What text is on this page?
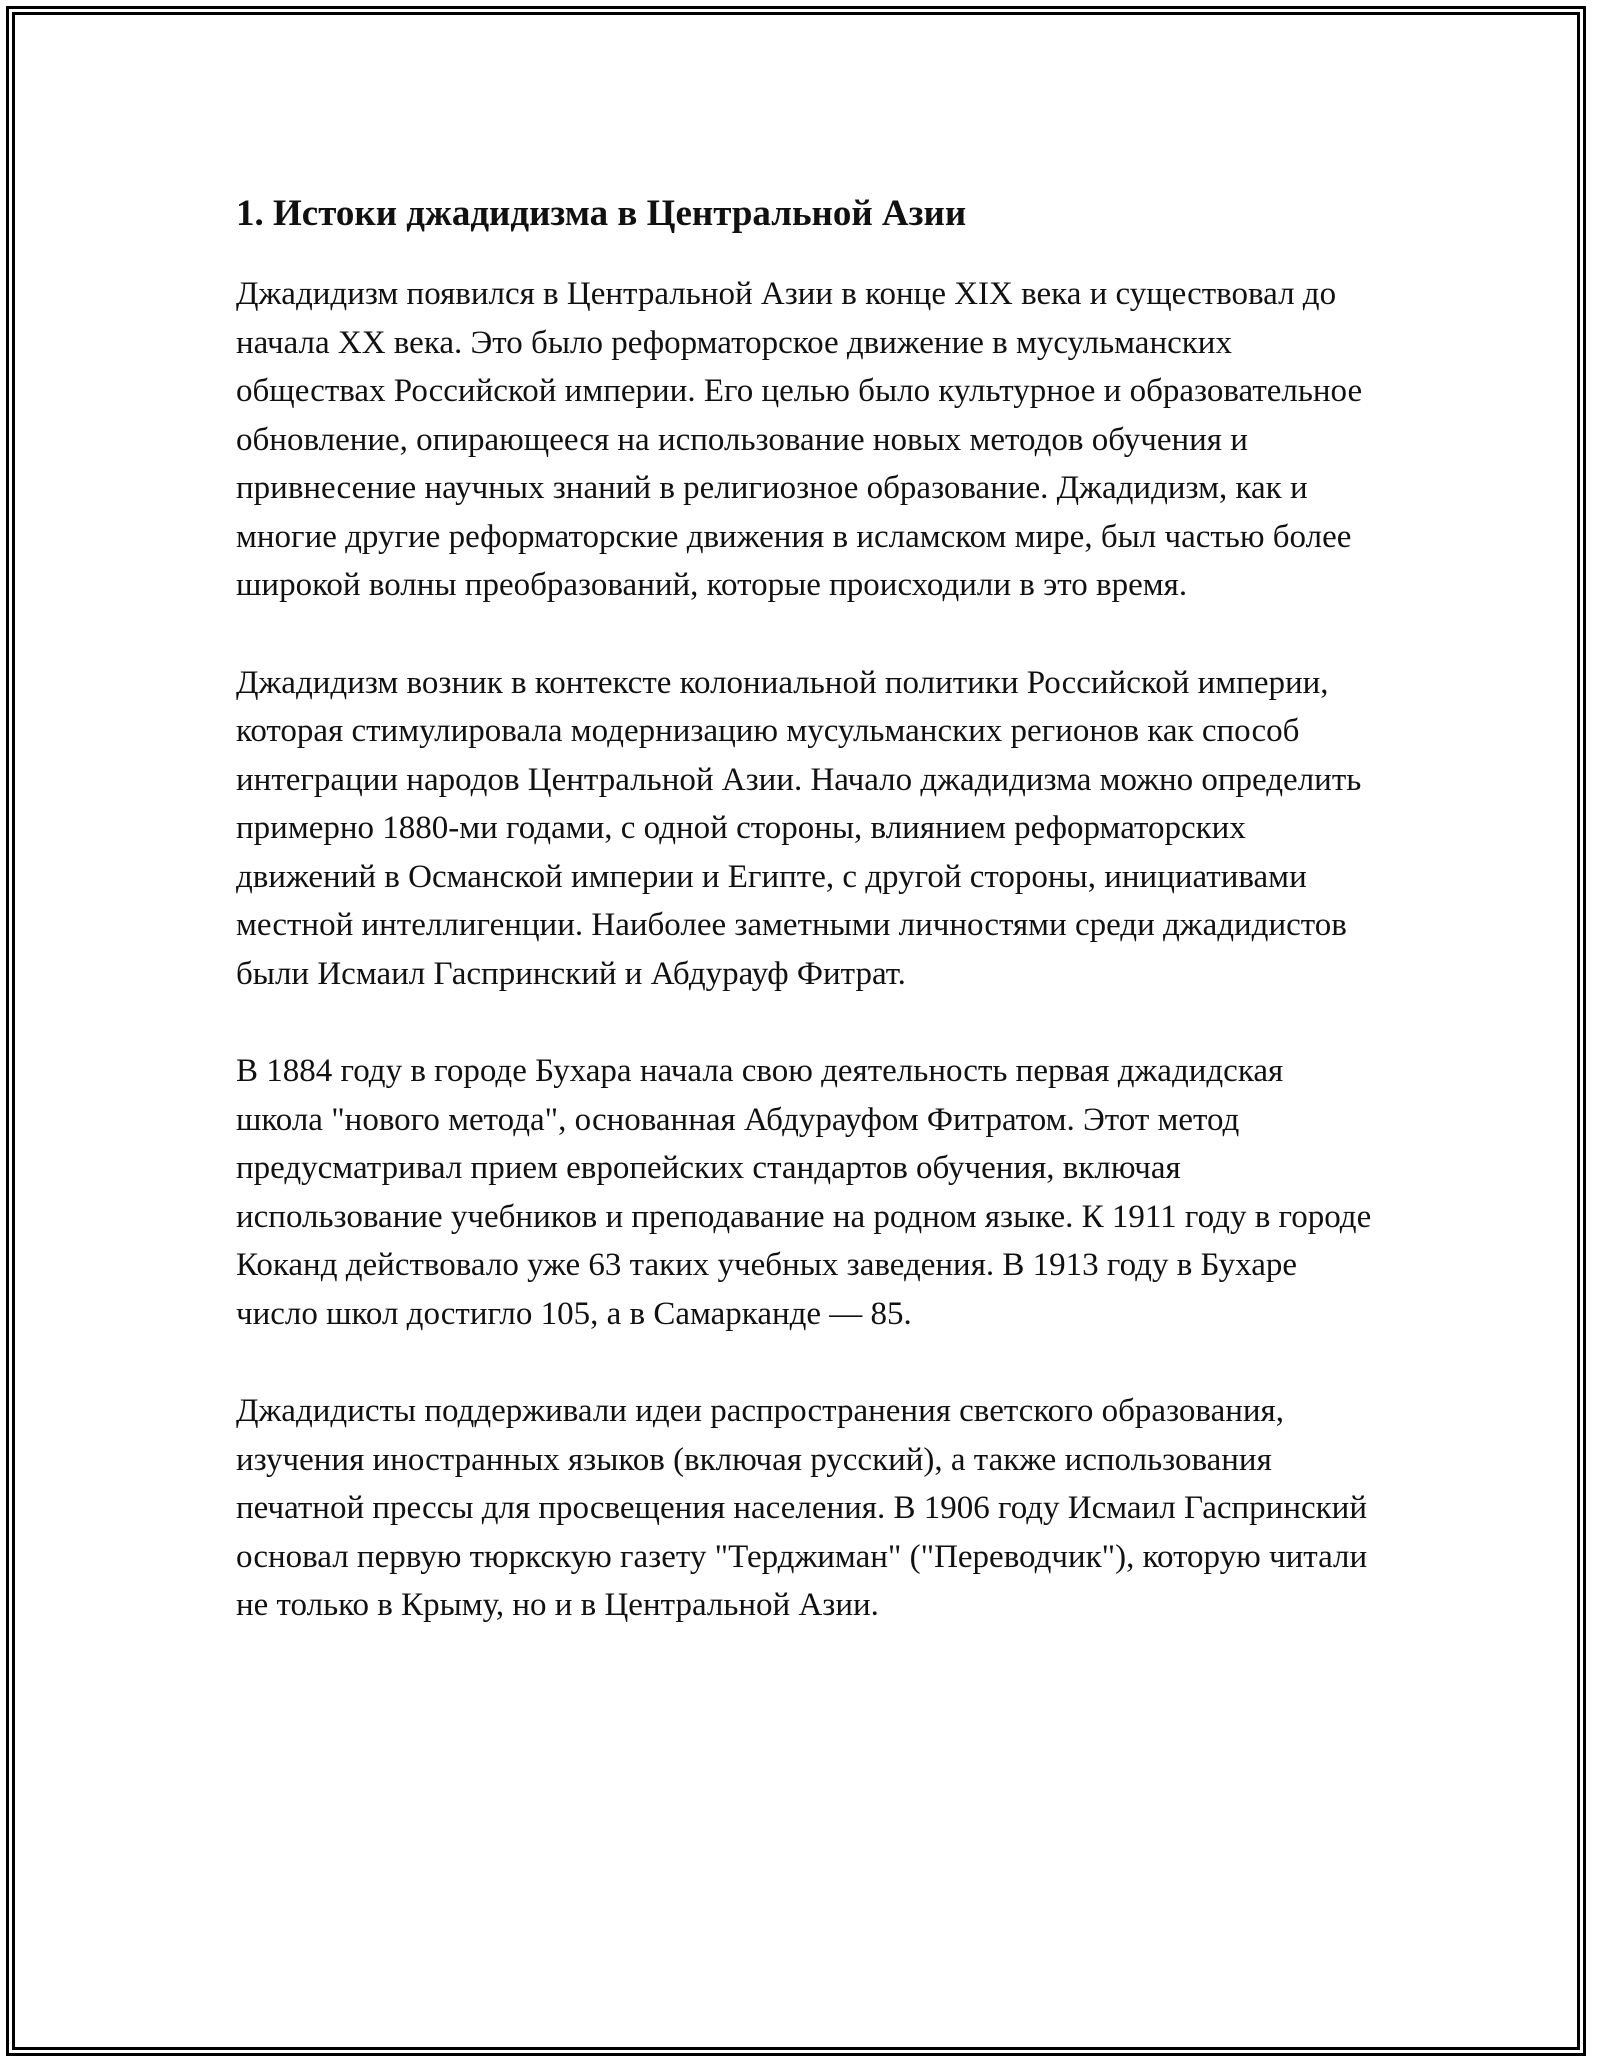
1. Истоки джадидизма в Центральной Азии

Джадидизм появился в Центральной Азии в конце XIX века и существовал до начала XX века. Это было реформаторское движение в мусульманских обществах Российской империи. Его целью было культурное и образовательное обновление, опирающееся на использование новых методов обучения и привнесение научных знаний в религиозное образование. Джадидизм, как и многие другие реформаторские движения в исламском мире, был частью более широкой волны преобразований, которые происходили в это время.

Джадидизм возник в контексте колониальной политики Российской империи, которая стимулировала модернизацию мусульманских регионов как способ интеграции народов Центральной Азии. Начало джадидизма можно определить примерно 1880-ми годами, с одной стороны, влиянием реформаторских движений в Османской империи и Египте, с другой стороны, инициативами местной интеллигенции. Наиболее заметными личностями среди джадидистов были Исмаил Гаспринский и Абдурауф Фитрат.

В 1884 году в городе Бухара начала свою деятельность первая джадидская школа "нового метода", основанная Абдурауфом Фитратом. Этот метод предусматривал прием европейских стандартов обучения, включая использование учебников и преподавание на родном языке. К 1911 году в городе Коканд действовало уже 63 таких учебных заведения. В 1913 году в Бухаре число школ достигло 105, а в Самарканде — 85.

Джадидисты поддерживали идеи распространения светского образования, изучения иностранных языков (включая русский), а также использования печатной прессы для просвещения населения. В 1906 году Исмаил Гаспринский основал первую тюркскую газету "Терджиман" ("Переводчик"), которую читали не только в Крыму, но и в Центральной Азии.
